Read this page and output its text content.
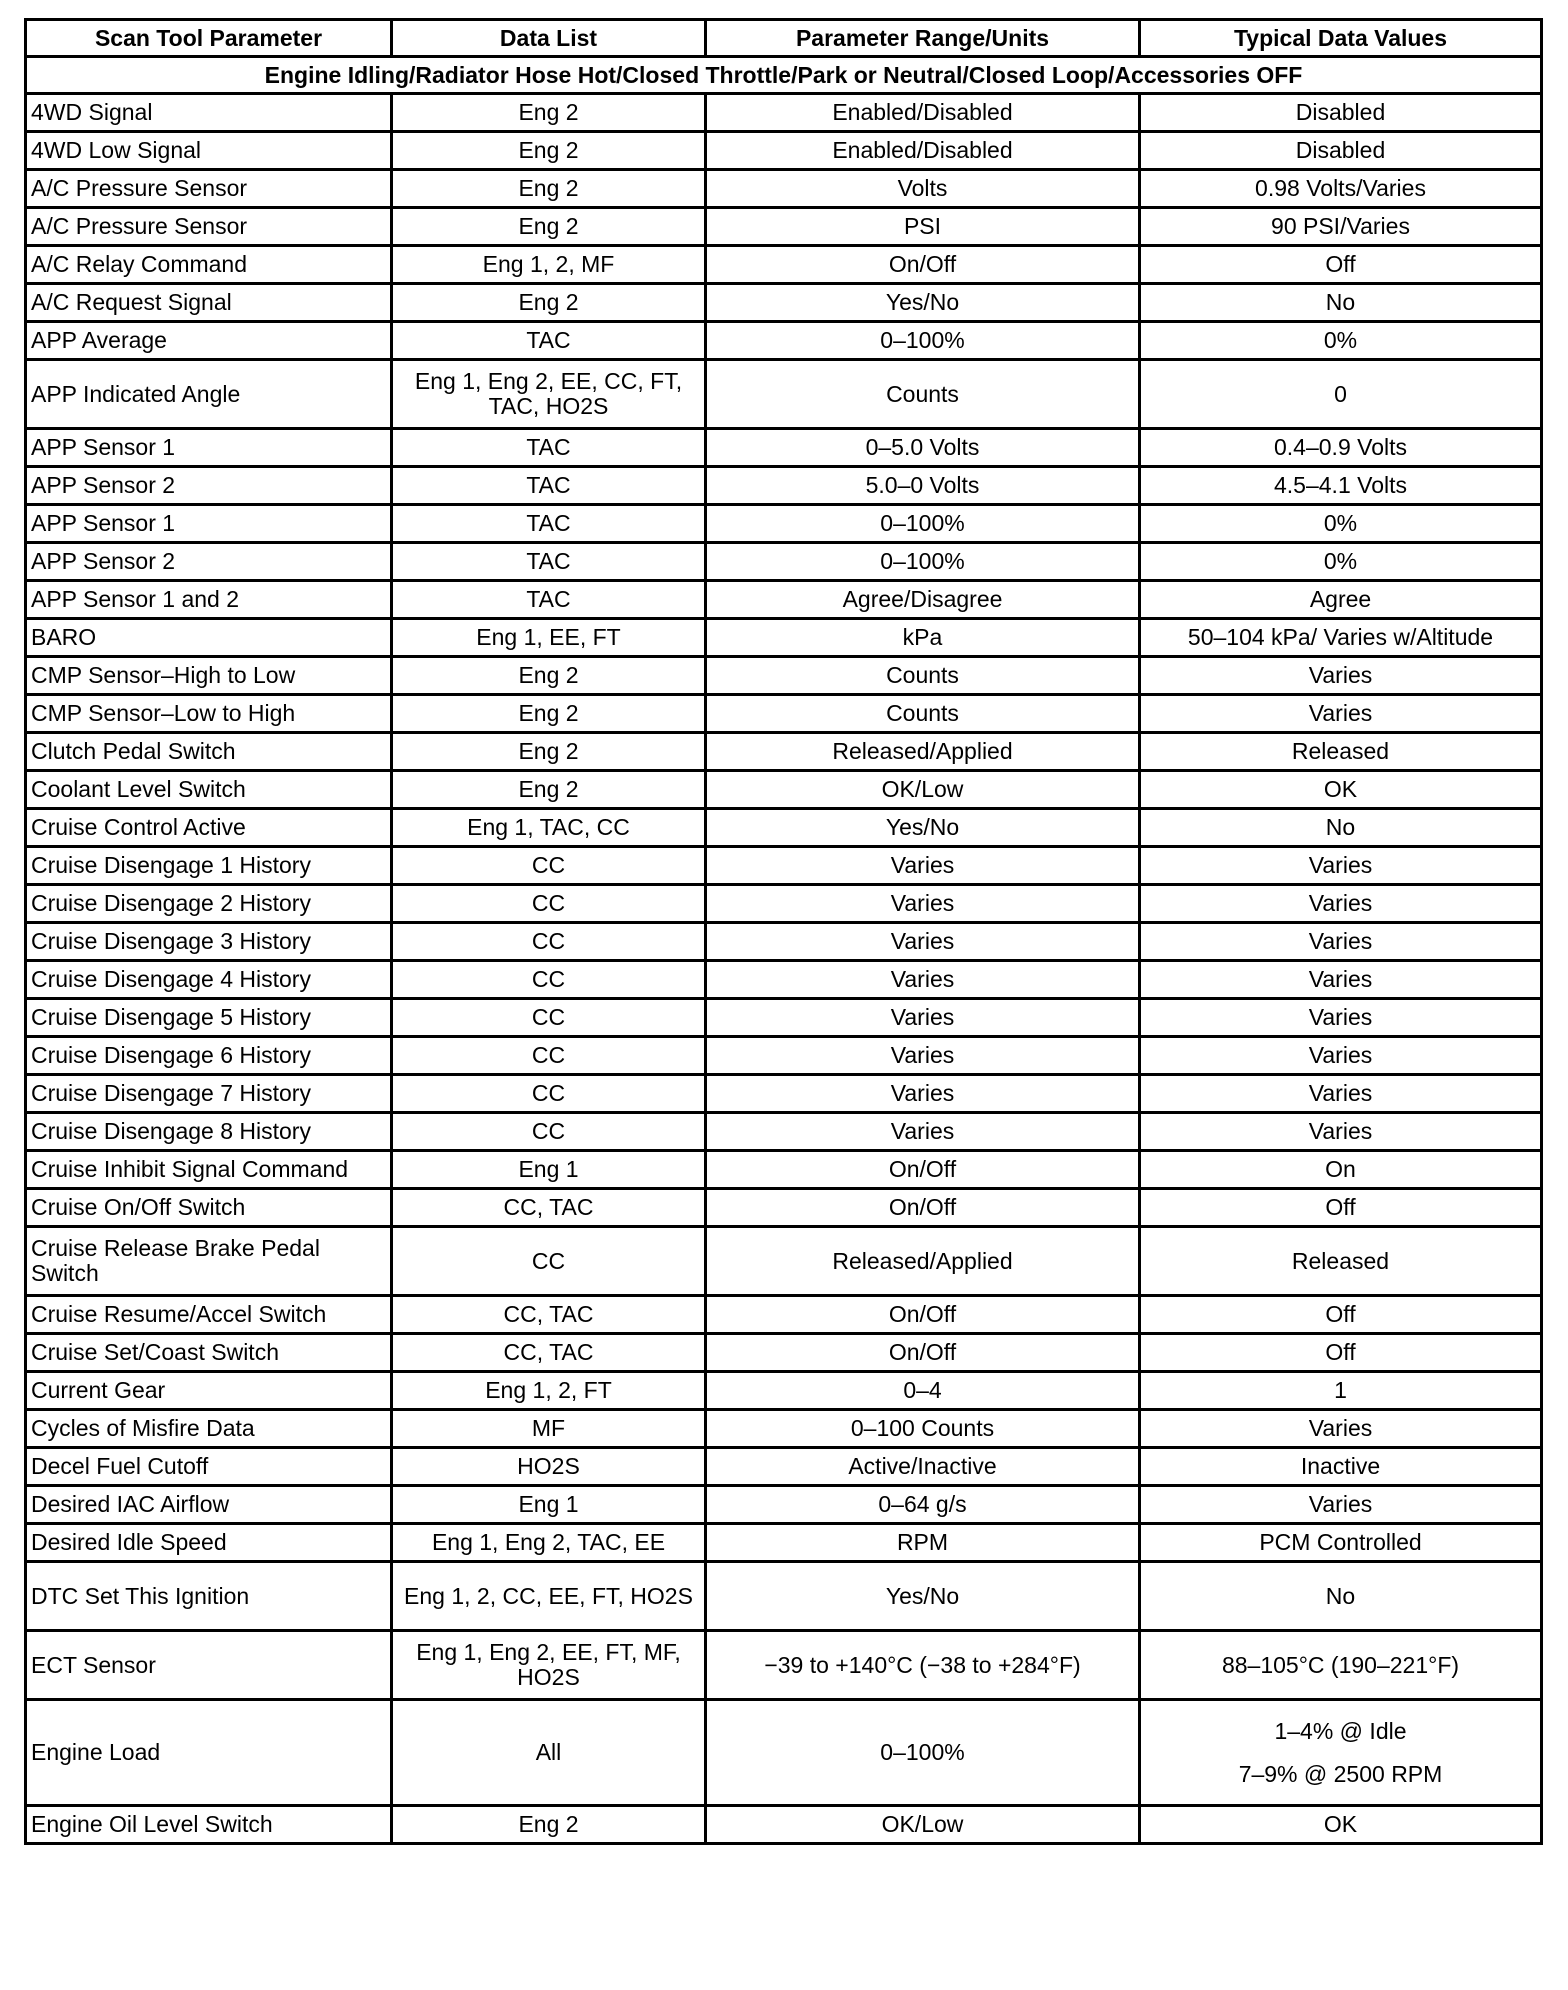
Scan Tool Parameter	Data List	Parameter Range/Units	Typical Data Values
Engine Idling/Radiator Hose Hot/Closed Throttle/Park or Neutral/Closed Loop/Accessories OFF			
4WD Signal	Eng 2	Enabled/Disabled	Disabled
4WD Low Signal	Eng 2	Enabled/Disabled	Disabled
A/C Pressure Sensor	Eng 2	Volts	0.98 Volts/Varies
A/C Pressure Sensor	Eng 2	PSI	90 PSI/Varies
A/C Relay Command	Eng 1, 2, MF	On/Off	Off
A/C Request Signal	Eng 2	Yes/No	No
APP Average	TAC	0–100%	0%
APP Indicated Angle	Eng 1, Eng 2, EE, CC, FT, TAC, HO2S	Counts	0
APP Sensor 1	TAC	0–5.0 Volts	0.4–0.9 Volts
APP Sensor 2	TAC	5.0–0 Volts	4.5–4.1 Volts
APP Sensor 1	TAC	0–100%	0%
APP Sensor 2	TAC	0–100%	0%
APP Sensor 1 and 2	TAC	Agree/Disagree	Agree
BARO	Eng 1, EE, FT	kPa	50–104 kPa/ Varies w/Altitude
CMP Sensor–High to Low	Eng 2	Counts	Varies
CMP Sensor–Low to High	Eng 2	Counts	Varies
Clutch Pedal Switch	Eng 2	Released/Applied	Released
Coolant Level Switch	Eng 2	OK/Low	OK
Cruise Control Active	Eng 1, TAC, CC	Yes/No	No
Cruise Disengage 1 History	CC	Varies	Varies
Cruise Disengage 2 History	CC	Varies	Varies
Cruise Disengage 3 History	CC	Varies	Varies
Cruise Disengage 4 History	CC	Varies	Varies
Cruise Disengage 5 History	CC	Varies	Varies
Cruise Disengage 6 History	CC	Varies	Varies
Cruise Disengage 7 History	CC	Varies	Varies
Cruise Disengage 8 History	CC	Varies	Varies
Cruise Inhibit Signal Command	Eng 1	On/Off	On
Cruise On/Off Switch	CC, TAC	On/Off	Off
Cruise Release Brake Pedal Switch	CC	Released/Applied	Released
Cruise Resume/Accel Switch	CC, TAC	On/Off	Off
Cruise Set/Coast Switch	CC, TAC	On/Off	Off
Current Gear	Eng 1, 2, FT	0–4	1
Cycles of Misfire Data	MF	0–100 Counts	Varies
Decel Fuel Cutoff	HO2S	Active/Inactive	Inactive
Desired IAC Airflow	Eng 1	0–64 g/s	Varies
Desired Idle Speed	Eng 1, Eng 2, TAC, EE	RPM	PCM Controlled
DTC Set This Ignition	Eng 1, 2, CC, EE, FT, HO2S	Yes/No	No
ECT Sensor	Eng 1, Eng 2, EE, FT, MF, HO2S	−39 to +140°C (−38 to +284°F)	88–105°C (190–221°F)
Engine Load	All	0–100%	1–4% @ Idle
7–9% @ 2500 RPM

Engine Oil Level Switch	Eng 2	OK/Low	OK
